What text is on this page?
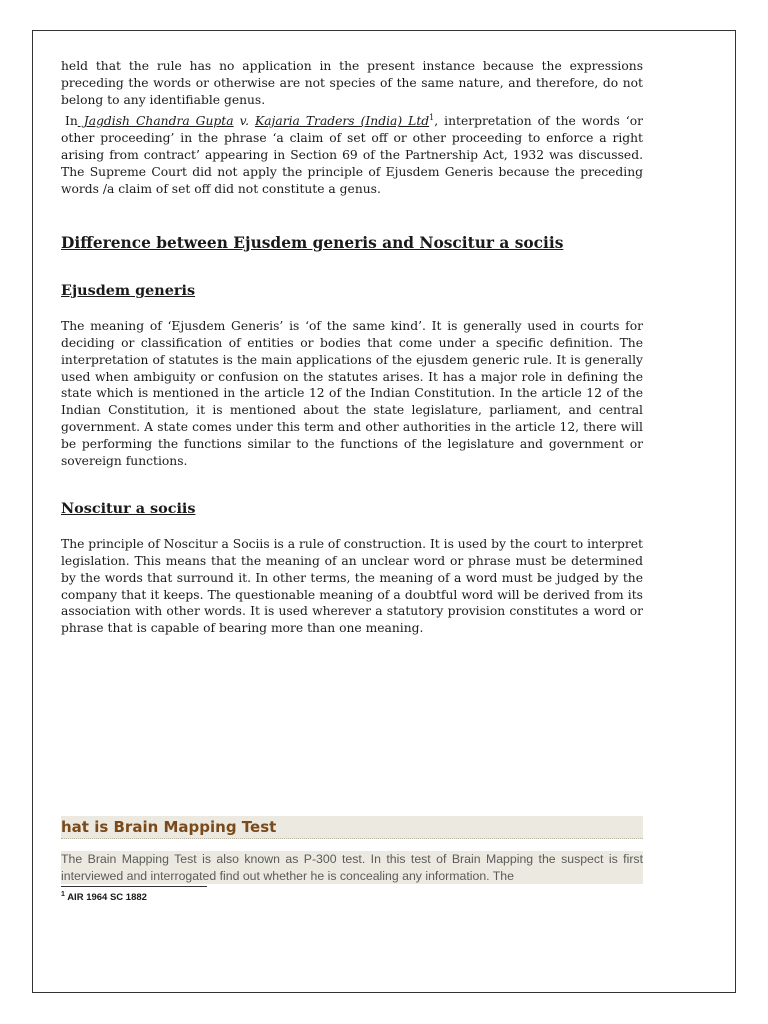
held that the rule has no application in the present instance because the expressions preceding the words or otherwise are not species of the same nature, and therefore, do not belong to any identifiable genus.

In Jagdish Chandra Gupta v. Kajaria Traders (India) Ltd$^1$, interpretation of the words ‘or other proceeding’ in the phrase ‘a claim of set off or other proceeding to enforce a right arising from contract’ appearing in Section 69 of the Partnership Act, 1932 was discussed. The Supreme Court did not apply the principle of Ejusdem Generis because the preceding words /a claim of set off did not constitute a genus.

Difference between Ejusdem generis and Noscitur a sociis
Ejusdem generis

The meaning of ‘Ejusdem Generis’ is ‘of the same kind’. It is generally used in courts for deciding or classification of entities or bodies that come under a specific definition. The interpretation of statutes is the main applications of the ejusdem generic rule. It is generally used when ambiguity or confusion on the statutes arises. It has a major role in defining the state which is mentioned in the article 12 of the Indian Constitution. In the article 12 of the Indian Constitution, it is mentioned about the state legislature, parliament, and central government. A state comes under this term and other authorities in the article 12, there will be performing the functions similar to the functions of the legislature and government or sovereign functions.

Noscitur a sociis

The principle of Noscitur a Sociis is a rule of construction. It is used by the court to interpret legislation. This means that the meaning of an unclear word or phrase must be determined by the words that surround it. In other terms, the meaning of a word must be judged by the company that it keeps. The questionable meaning of a doubtful word will be derived from its association with other words. It is used wherever a statutory provision constitutes a word or phrase that is capable of bearing more than one meaning.

hat is Brain Mapping Test
The Brain Mapping Test is also known as P-300 test. In this test of Brain Mapping the suspect is first interviewed and interrogated find out whether he is concealing any information. The
$^1$ AIR 1964 SC 1882
